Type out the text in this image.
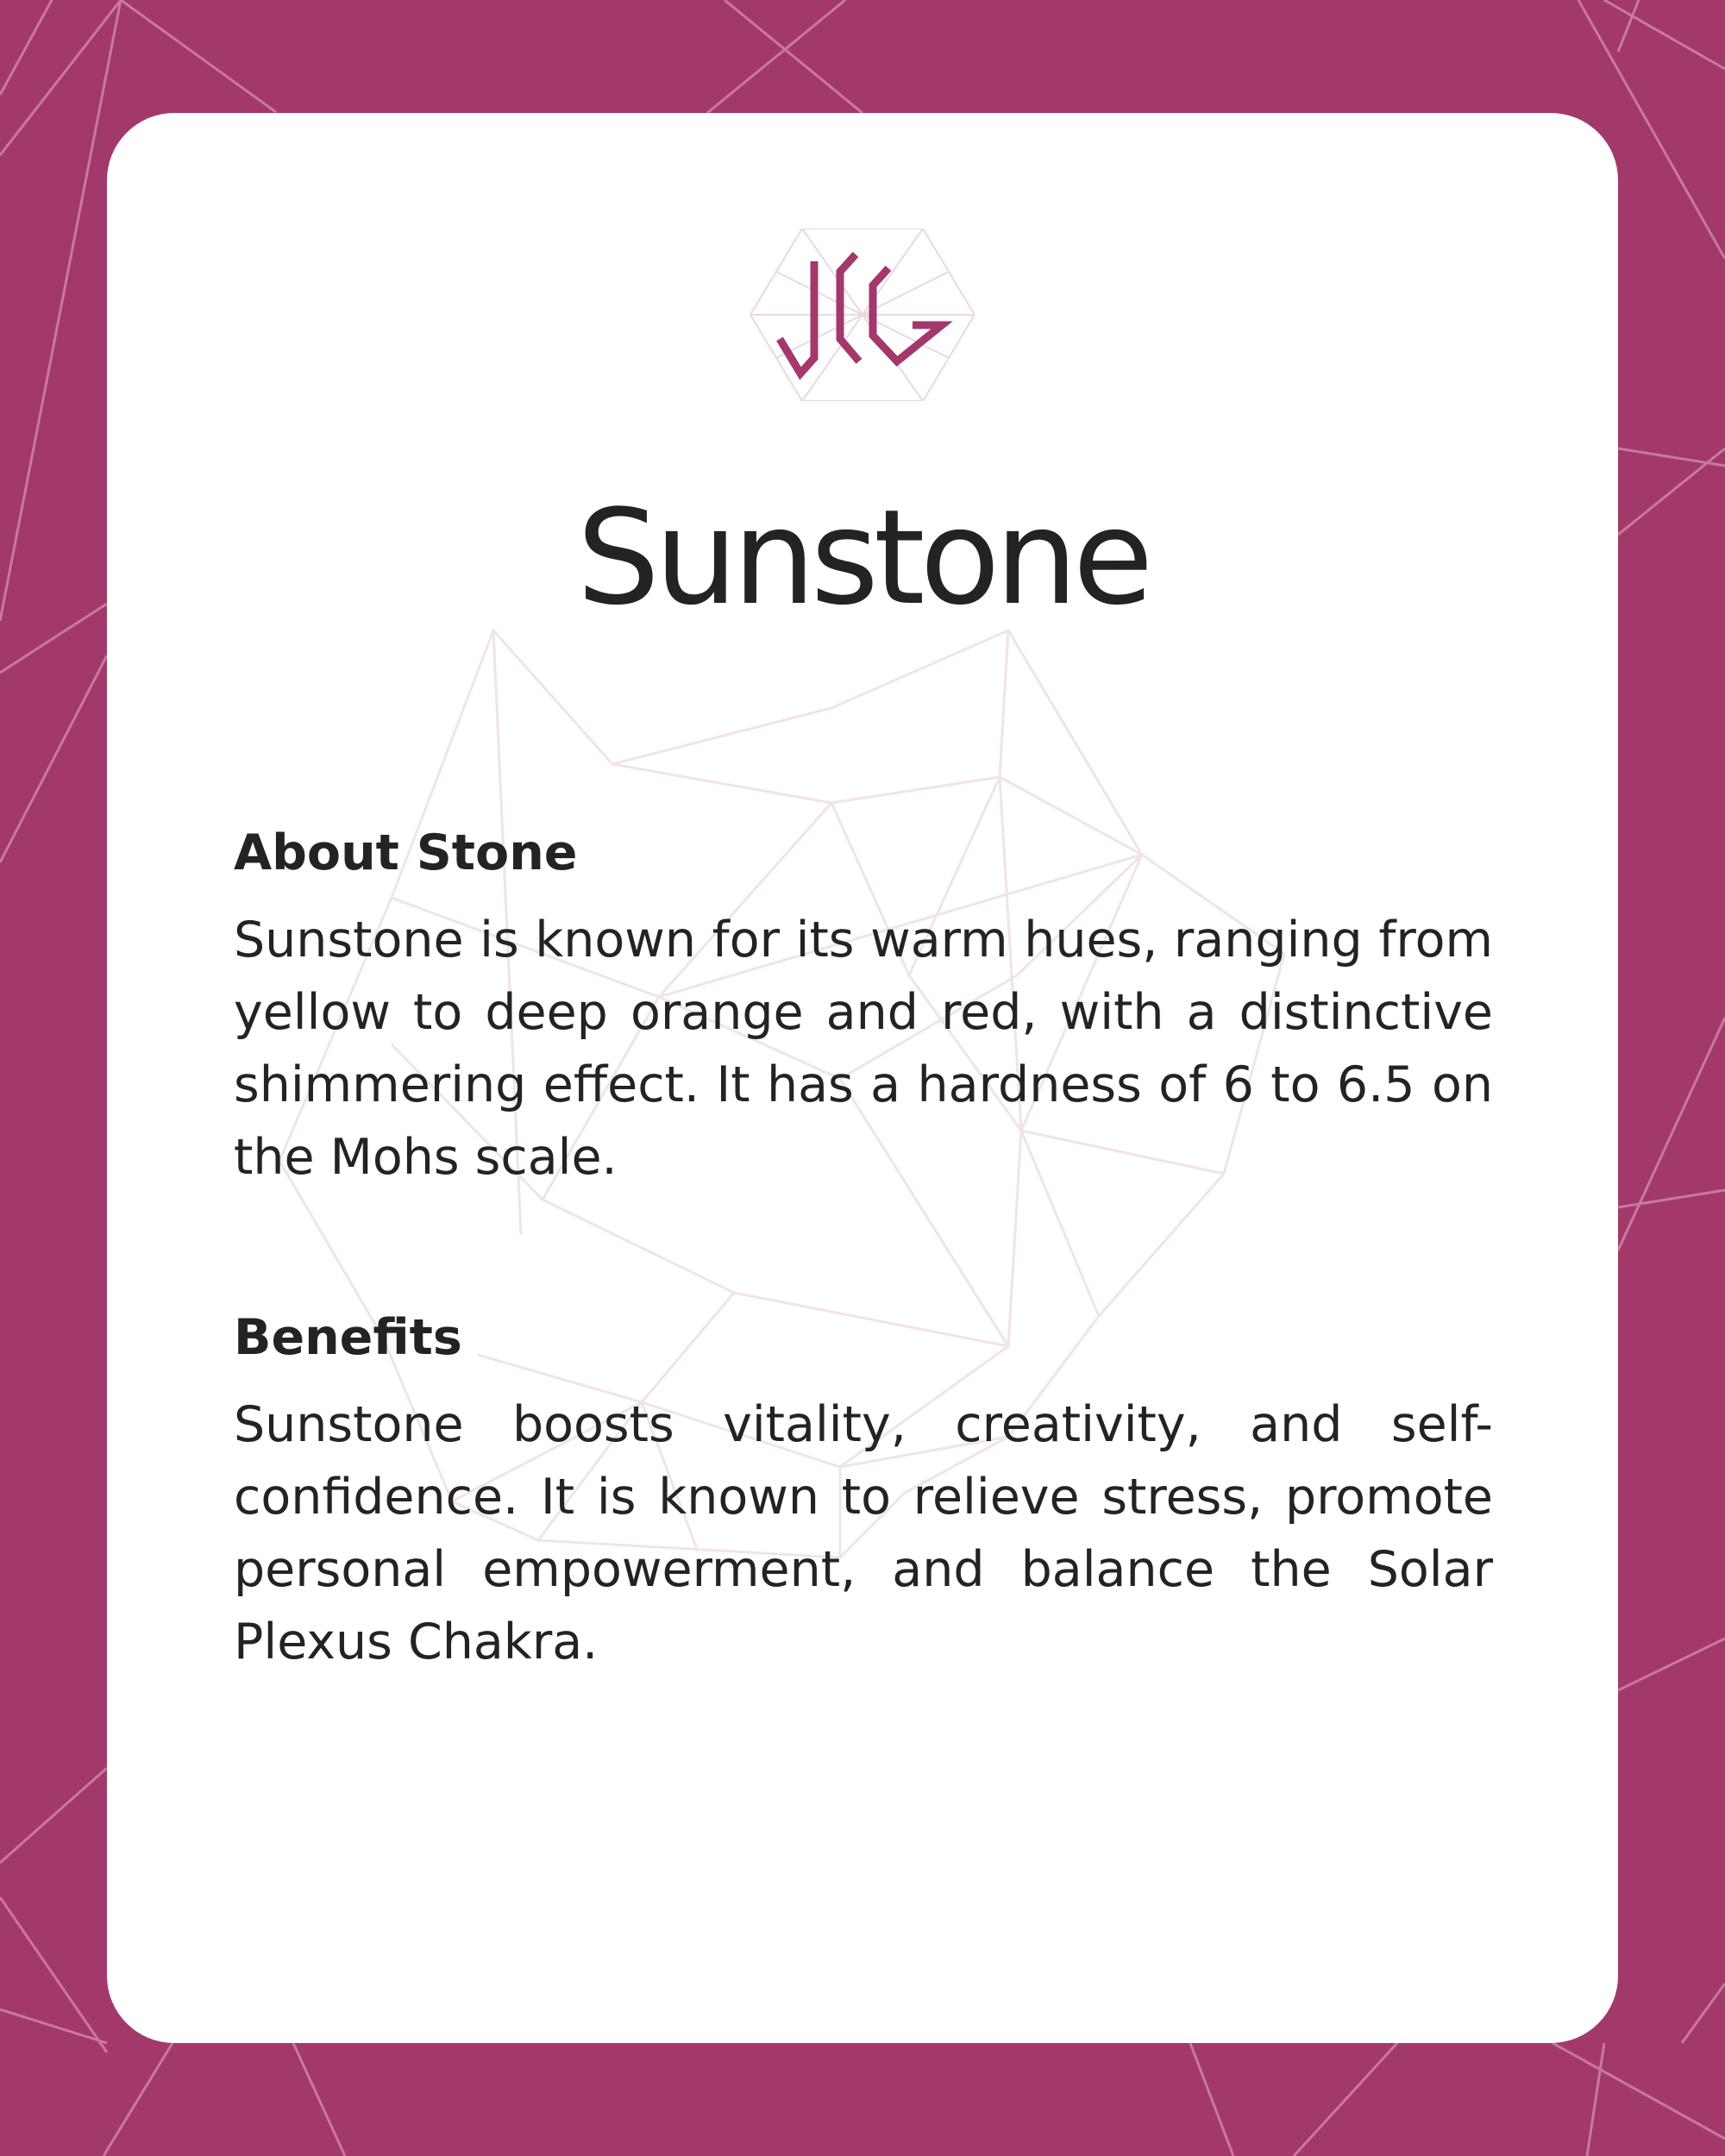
Sunstone
About Stone

Sunstone is known for its warm hues, ranging from yellow to deep orange and red, with a distinctive shimmering effect. It has a hardness of 6 to 6.5 on the Mohs scale.

Benefits

Sunstone boosts vitality, creativity, and self-confidence. It is known to relieve stress, promote personal empowerment, and balance the Solar Plexus Chakra.
